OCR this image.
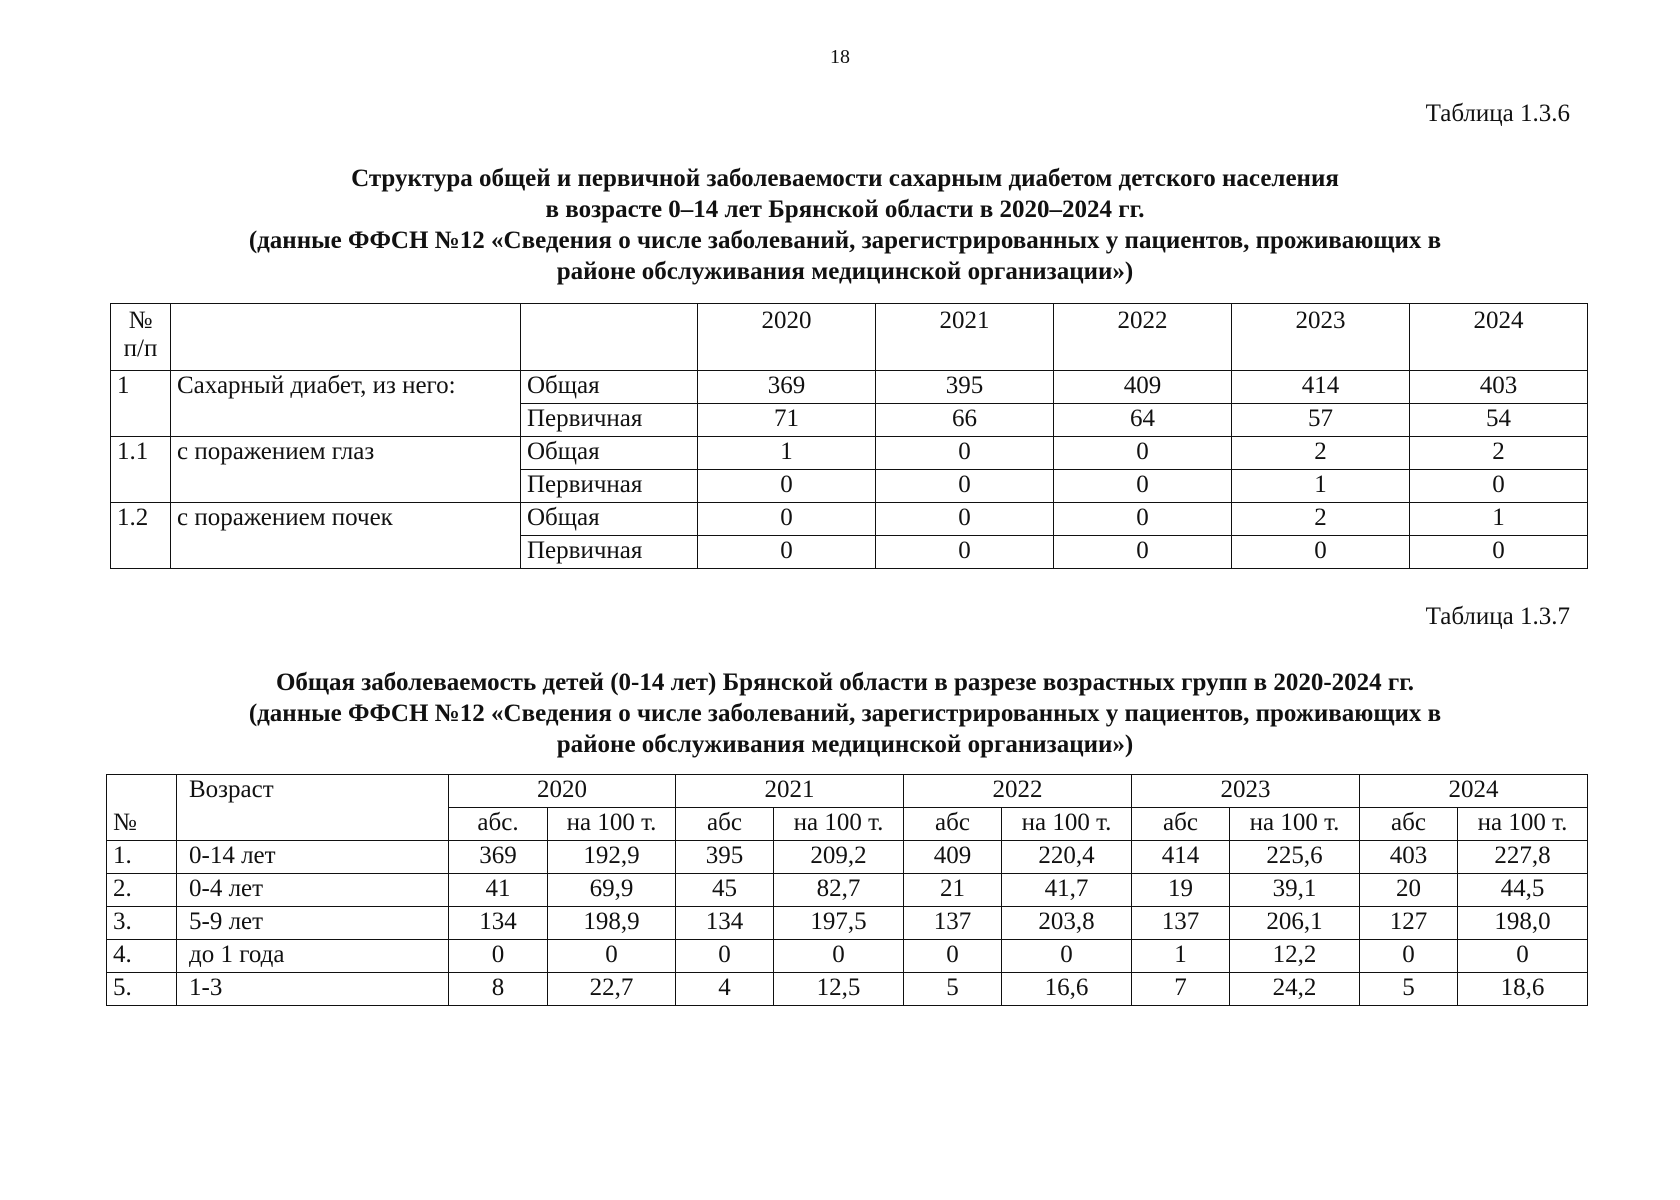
18
Таблица 1.3.6
Структура общей и первичной заболеваемости сахарным диабетом детского населения
в возрасте 0–14 лет Брянской области в 2020–2024 гг.
(данные ФФСН №12 «Сведения о числе заболеваний, зарегистрированных у пациентов, проживающих в
районе обслуживания медицинской организации»)
№
п/п			2020	2021	2022	2023	2024
1	Сахарный диабет, из него:	Общая	369	395	409	414	403
		Первичная	71	66	64	57	54
1.1	с поражением глаз	Общая	1	0	0	2	2
		Первичная	0	0	0	1	0
1.2	с поражением почек	Общая	0	0	0	2	1
		Первичная	0	0	0	0	0
Таблица 1.3.7
Общая заболеваемость детей (0-14 лет) Брянской области в разрезе возрастных групп в 2020-2024 гг.
(данные ФФСН №12 «Сведения о числе заболеваний, зарегистрированных у пациентов, проживающих в
районе обслуживания медицинской организации»)
	Возраст	2020		2021		2022		2023		2024	
№		абс.	на 100 т.	абс	на 100 т.	абс	на 100 т.	абс	на 100 т.	абс	на 100 т.
1.	0-14 лет	369	192,9	395	209,2	409	220,4	414	225,6	403	227,8
2.	0-4 лет	41	69,9	45	82,7	21	41,7	19	39,1	20	44,5
3.	5-9 лет	134	198,9	134	197,5	137	203,8	137	206,1	127	198,0
4.	до 1 года	0	0	0	0	0	0	1	12,2	0	0
5.	1-3	8	22,7	4	12,5	5	16,6	7	24,2	5	18,6
